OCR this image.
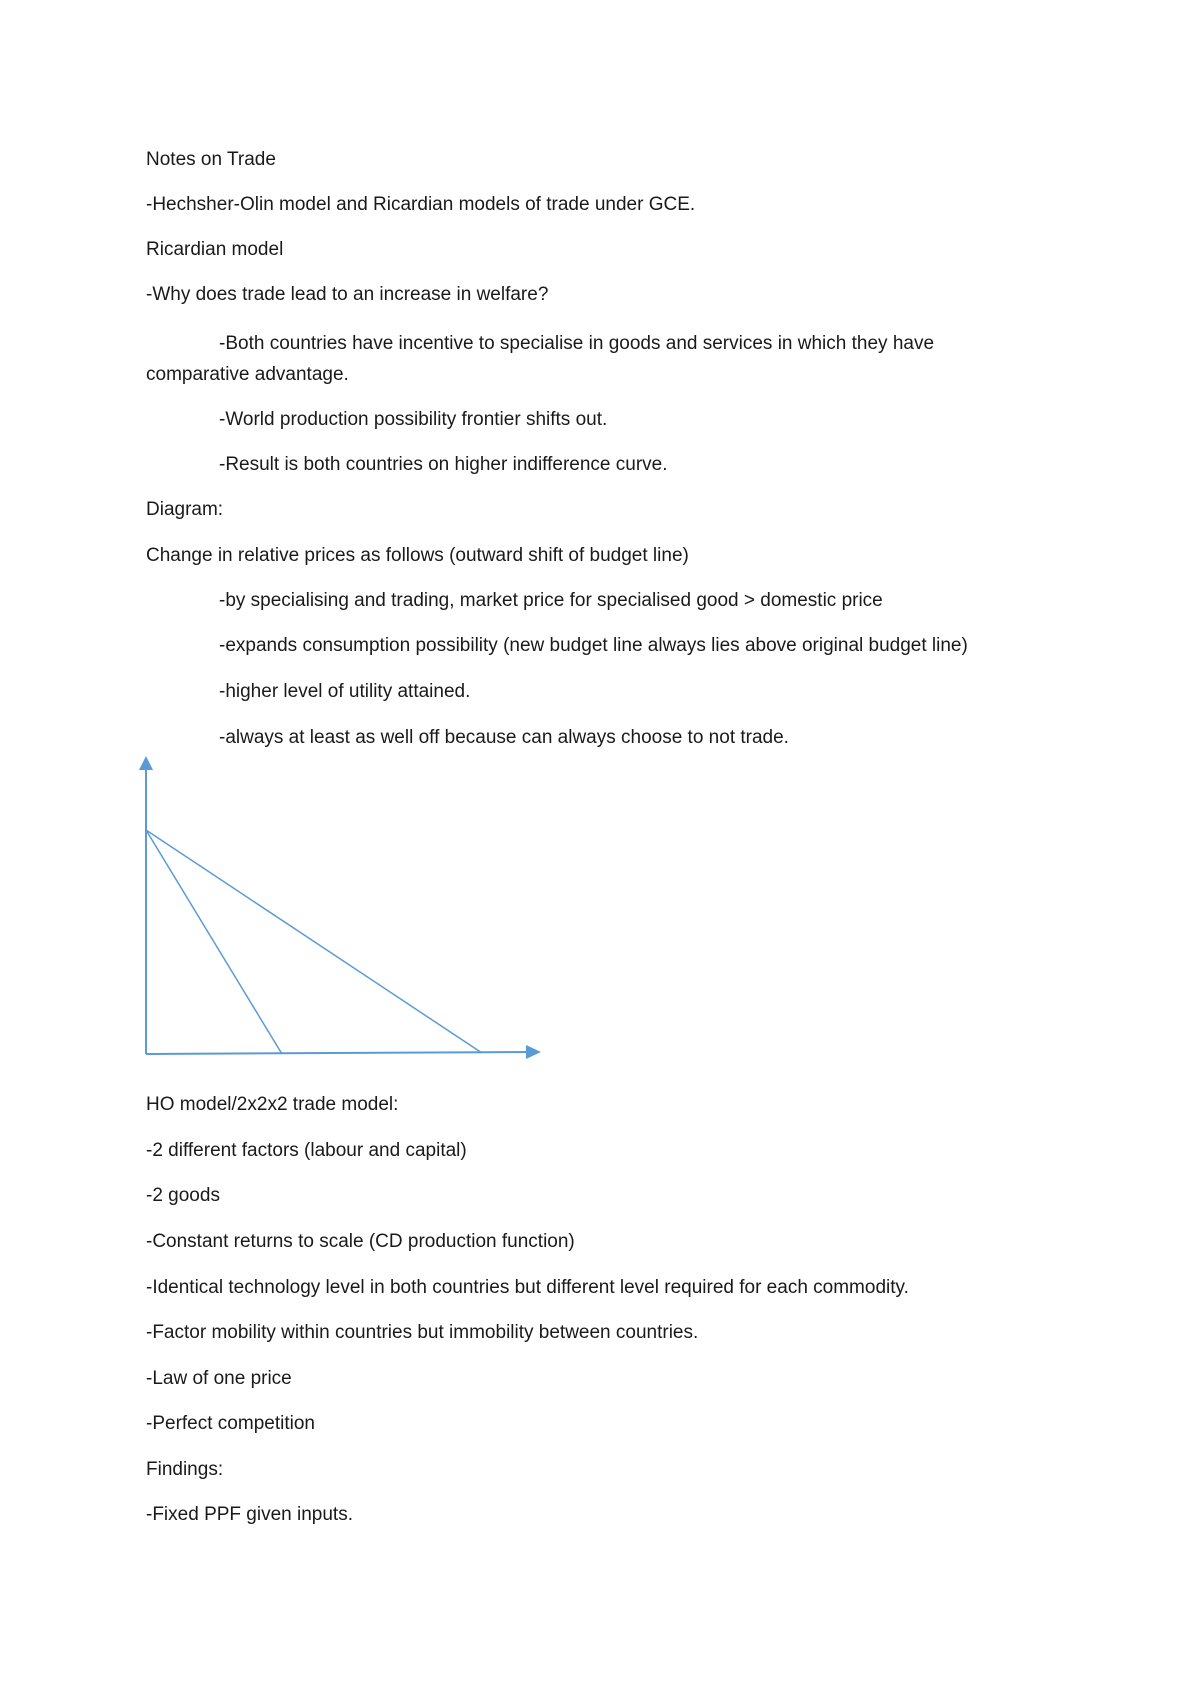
Notes on Trade
-Hechsher-Olin model and Ricardian models of trade under GCE.
Ricardian model
-Why does trade lead to an increase in welfare?
-Both countries have incentive to specialise in goods and services in which they have comparative advantage.
-World production possibility frontier shifts out.
-Result is both countries on higher indifference curve.
Diagram:
Change in relative prices as follows (outward shift of budget line)
-by specialising and trading, market price for specialised good > domestic price
-expands consumption possibility (new budget line always lies above original budget line)
-higher level of utility attained.
-always at least as well off because can always choose to not trade.
HO model/2x2x2 trade model:
-2 different factors (labour and capital)
-2 goods
-Constant returns to scale (CD production function)
-Identical technology level in both countries but different level required for each commodity.
-Factor mobility within countries but immobility between countries.
-Law of one price
-Perfect competition
Findings:
-Fixed PPF given inputs.
